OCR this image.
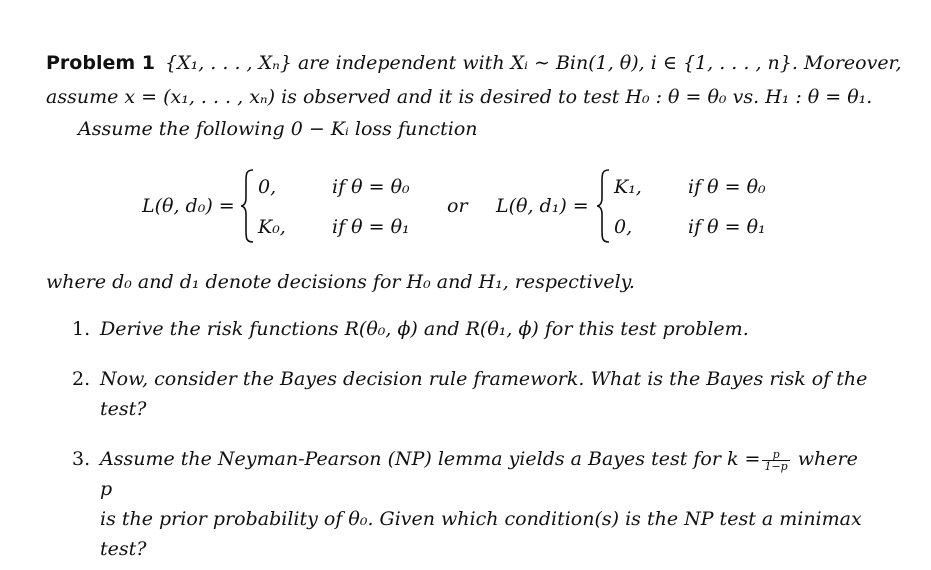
Problem 1 {X₁, . . . , Xₙ} are independent with Xᵢ ∼ Bin(1, θ), i ∈ {1, . . . , n}. Moreover,
assume x = (x₁, . . . , xₙ) is observed and it is desired to test H₀ : θ = θ₀ vs. H₁ : θ = θ₁.
Assume the following 0 − Kᵢ loss function
L(θ, d₀) =
0,	if θ = θ₀
K₀, if θ = θ₁
or L(θ, d₁) =
K₁, if θ = θ₀
0,	if θ = θ₁
where d₀ and d₁ denote decisions for H₀ and H₁, respectively.
1. Derive the risk functions R(θ₀, ϕ) and R(θ₁, ϕ) for this test problem.
2. Now, consider the Bayes decision rule framework. What is the Bayes risk of the
test?
3. Assume the Neyman-Pearson (NP) lemma yields a Bayes test for $k = \frac{p}{1-p}$ where p
is the prior probability of θ₀. Given which condition(s) is the NP test a minimax
test?
